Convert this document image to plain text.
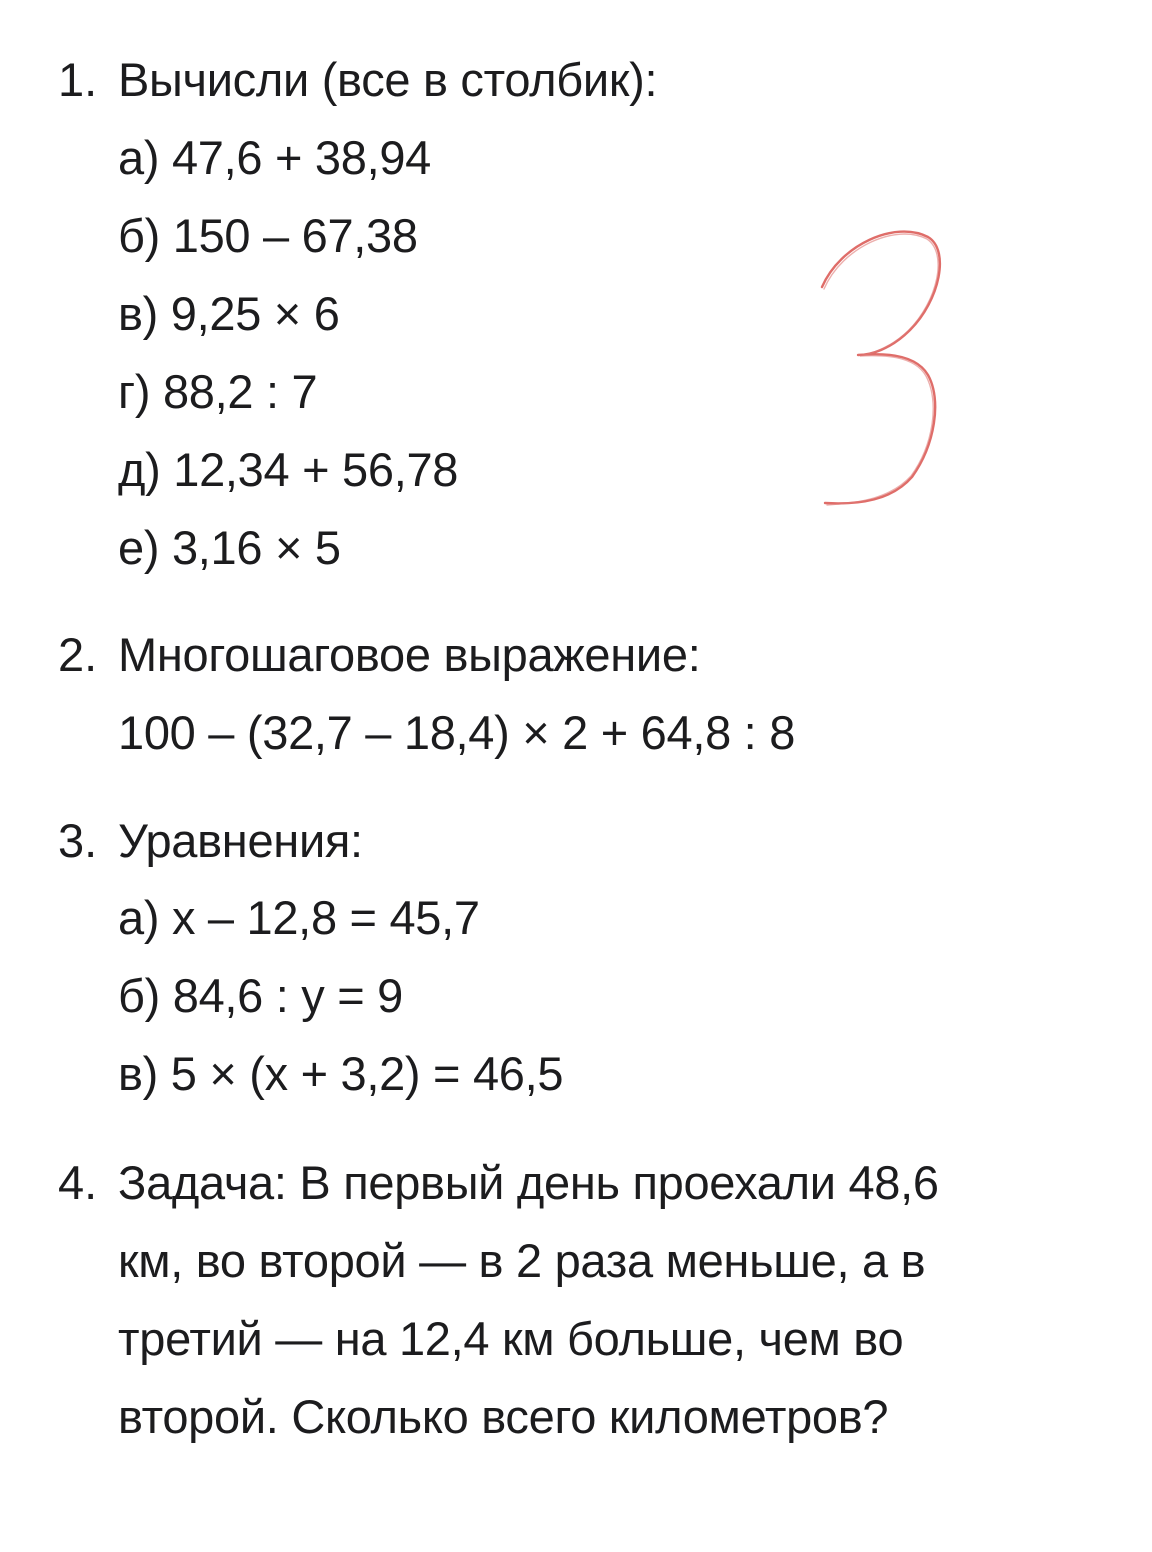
1. Вычисли (все в столбик):
а) 47,6 + 38,94
б) 150 – 67,38
в) 9,25 × 6
г) 88,2 : 7
д) 12,34 + 56,78
е) 3,16 × 5
2. Многошаговое выражение:
100 – (32,7 – 18,4) × 2 + 64,8 : 8
3. Уравнения:
а) x – 12,8 = 45,7
б) 84,6 : y = 9
в) 5 × (x + 3,2) = 46,5
4. Задача: В первый день проехали 48,6
км, во второй — в 2 раза меньше, а в
третий — на 12,4 км больше, чем во
второй. Сколько всего километров?
